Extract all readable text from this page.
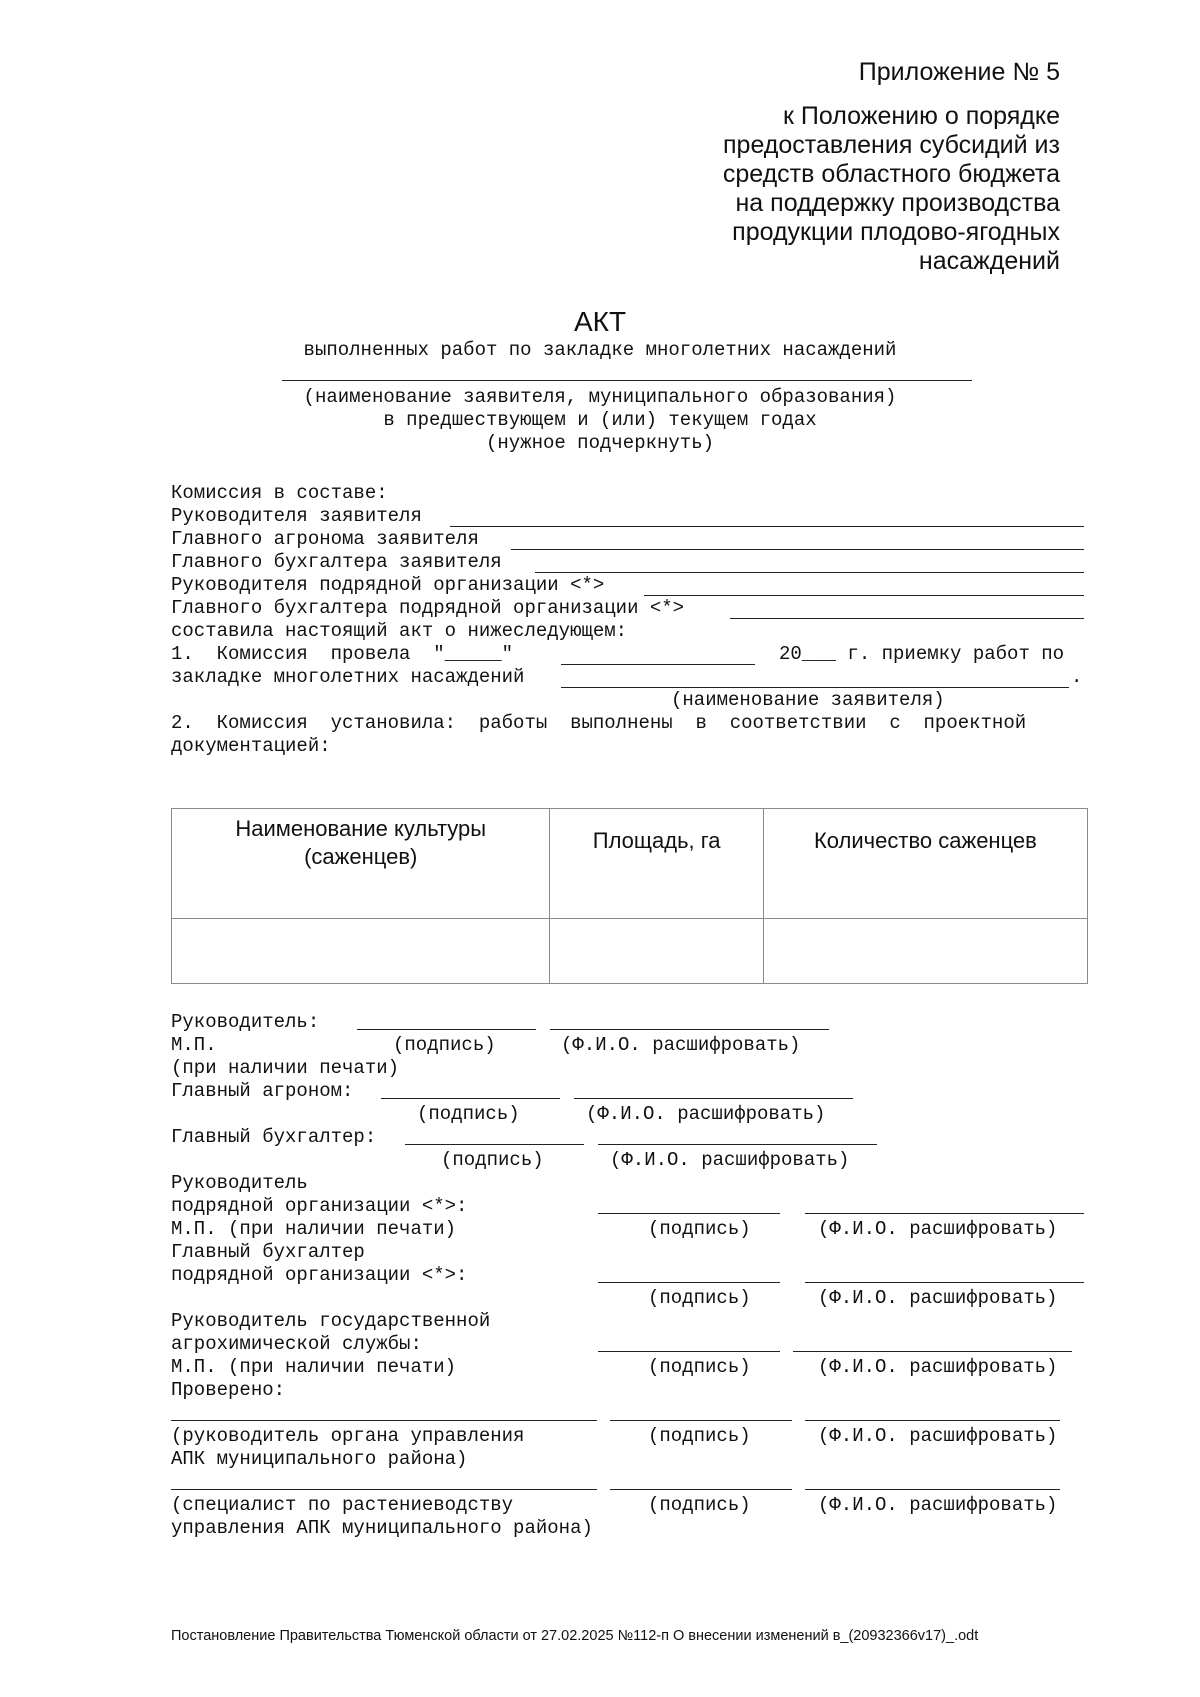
Приложение № 5
к Положению о порядке
предоставления субсидий из
средств областного бюджета
на поддержку производства
продукции плодово-ягодных
насаждений
АКТ
выполненных работ по закладке многолетних насаждений
(наименование заявителя, муниципального образования)
в предшествующем и (или) текущем годах
(нужное подчеркнуть)
Комиссия в составе:
Руководителя заявителя
Главного агронома заявителя
Главного бухгалтера заявителя
Руководителя подрядной организации <*>
Главного бухгалтера подрядной организации <*>
составила настоящий акт о нижеследующем:
1.  Комиссия  провела  "_____"	20___ г. приемку работ по
закладке многолетних насаждений	.
(наименование заявителя)
2.  Комиссия  установила:  работы  выполнены  в  соответствии  с  проектной
документацией:
Наименование культуры (саженцев)	Площадь, га	Количество саженцев

Руководитель:
М.П.	(подпись)	(Ф.И.О. расшифровать)
(при наличии печати)
Главный агроном:
(подпись)	(Ф.И.О. расшифровать)
Главный бухгалтер:
(подпись)	(Ф.И.О. расшифровать)
Руководитель
подрядной организации <*>:
М.П. (при наличии печати)	(подпись)	(Ф.И.О. расшифровать)
Главный бухгалтер
подрядной организации <*>:
(подпись)	(Ф.И.О. расшифровать)
Руководитель государственной
агрохимической службы:
М.П. (при наличии печати)	(подпись)	(Ф.И.О. расшифровать)
Проверено:
(руководитель органа управления	(подпись)	(Ф.И.О. расшифровать)
АПК муниципального района)
(специалист по растениеводству	(подпись)	(Ф.И.О. расшифровать)
управления АПК муниципального района)
Постановление Правительства Тюменской области от 27.02.2025 №112-п О внесении изменений в_(20932366v17)_.odt
